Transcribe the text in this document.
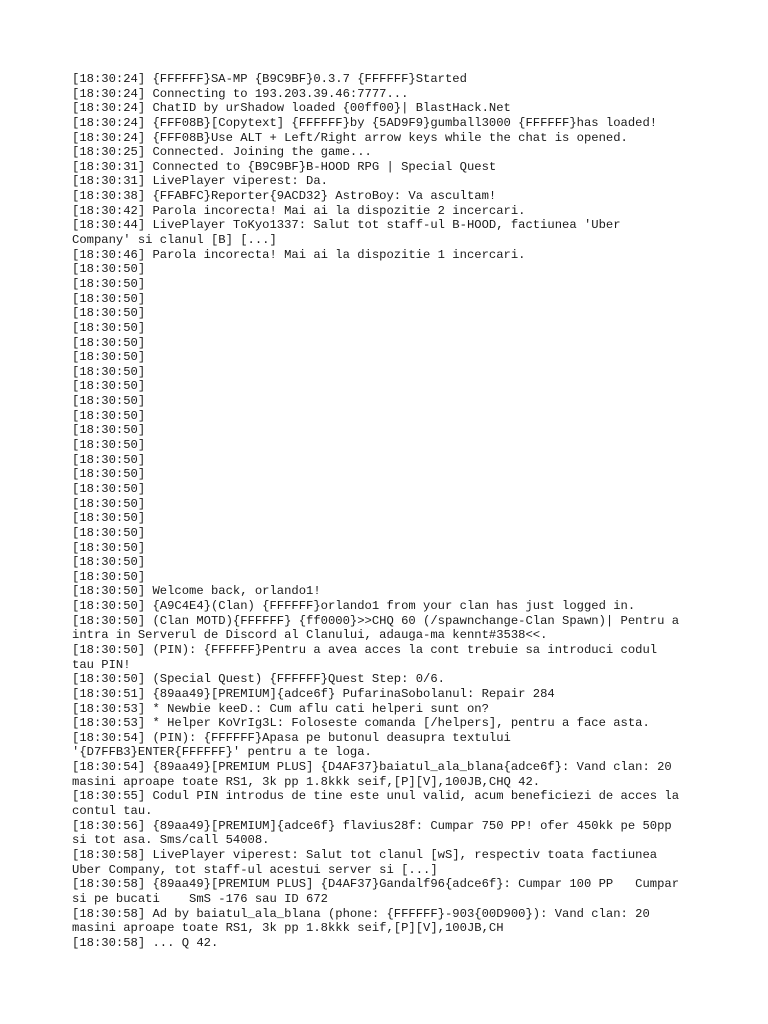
[18:30:24] {FFFFFF}SA-MP {B9C9BF}0.3.7 {FFFFFF}Started
[18:30:24] Connecting to 193.203.39.46:7777...
[18:30:24] ChatID by urShadow loaded {00ff00}| BlastHack.Net
[18:30:24] {FFF08B}[Copytext] {FFFFFF}by {5AD9F9}gumball3000 {FFFFFF}has loaded!
[18:30:24] {FFF08B}Use ALT + Left/Right arrow keys while the chat is opened.
[18:30:25] Connected. Joining the game...
[18:30:31] Connected to {B9C9BF}B-HOOD RPG | Special Quest
[18:30:31] LivePlayer viperest: Da.
[18:30:38] {FFABFC}Reporter{9ACD32} AstroBoy: Va ascultam!
[18:30:42] Parola incorecta! Mai ai la dispozitie 2 incercari.
[18:30:44] LivePlayer ToKyo1337: Salut tot staff-ul B-HOOD, factiunea 'Uber
Company' si clanul [B] [...]
[18:30:46] Parola incorecta! Mai ai la dispozitie 1 incercari.
[18:30:50]
[18:30:50]
[18:30:50]
[18:30:50]
[18:30:50]
[18:30:50]
[18:30:50]
[18:30:50]
[18:30:50]
[18:30:50]
[18:30:50]
[18:30:50]
[18:30:50]
[18:30:50]
[18:30:50]
[18:30:50]
[18:30:50]
[18:30:50]
[18:30:50]
[18:30:50]
[18:30:50]
[18:30:50]
[18:30:50] Welcome back, orlando1!
[18:30:50] {A9C4E4}(Clan) {FFFFFF}orlando1 from your clan has just logged in.
[18:30:50] (Clan MOTD){FFFFFF} {ff0000}>>CHQ 60 (/spawnchange-Clan Spawn)| Pentru a
intra in Serverul de Discord al Clanului, adauga-ma kennt#3538<<.
[18:30:50] (PIN): {FFFFFF}Pentru a avea acces la cont trebuie sa introduci codul
tau PIN!
[18:30:50] (Special Quest) {FFFFFF}Quest Step: 0/6.
[18:30:51] {89aa49}[PREMIUM]{adce6f} PufarinaSobolanul: Repair 284
[18:30:53] * Newbie keeD.: Cum aflu cati helperi sunt on?
[18:30:53] * Helper KoVrIg3L: Foloseste comanda [/helpers], pentru a face asta.
[18:30:54] (PIN): {FFFFFF}Apasa pe butonul deasupra textului
'{D7FFB3}ENTER{FFFFFF}' pentru a te loga.
[18:30:54] {89aa49}[PREMIUM PLUS] {D4AF37}baiatul_ala_blana{adce6f}: Vand clan: 20
masini aproape toate RS1, 3k pp 1.8kkk seif,[P][V],100JB,CHQ 42.
[18:30:55] Codul PIN introdus de tine este unul valid, acum beneficiezi de acces la
contul tau.
[18:30:56] {89aa49}[PREMIUM]{adce6f} flavius28f: Cumpar 750 PP! ofer 450kk pe 50pp
si tot asa. Sms/call 54008.
[18:30:58] LivePlayer viperest: Salut tot clanul [wS], respectiv toata factiunea
Uber Company, tot staff-ul acestui server si [...]
[18:30:58] {89aa49}[PREMIUM PLUS] {D4AF37}Gandalf96{adce6f}: Cumpar 100 PP   Cumpar
si pe bucati    SmS -176 sau ID 672
[18:30:58] Ad by baiatul_ala_blana (phone: {FFFFFF}-903{00D900}): Vand clan: 20
masini aproape toate RS1, 3k pp 1.8kkk seif,[P][V],100JB,CH
[18:30:58] ... Q 42.
